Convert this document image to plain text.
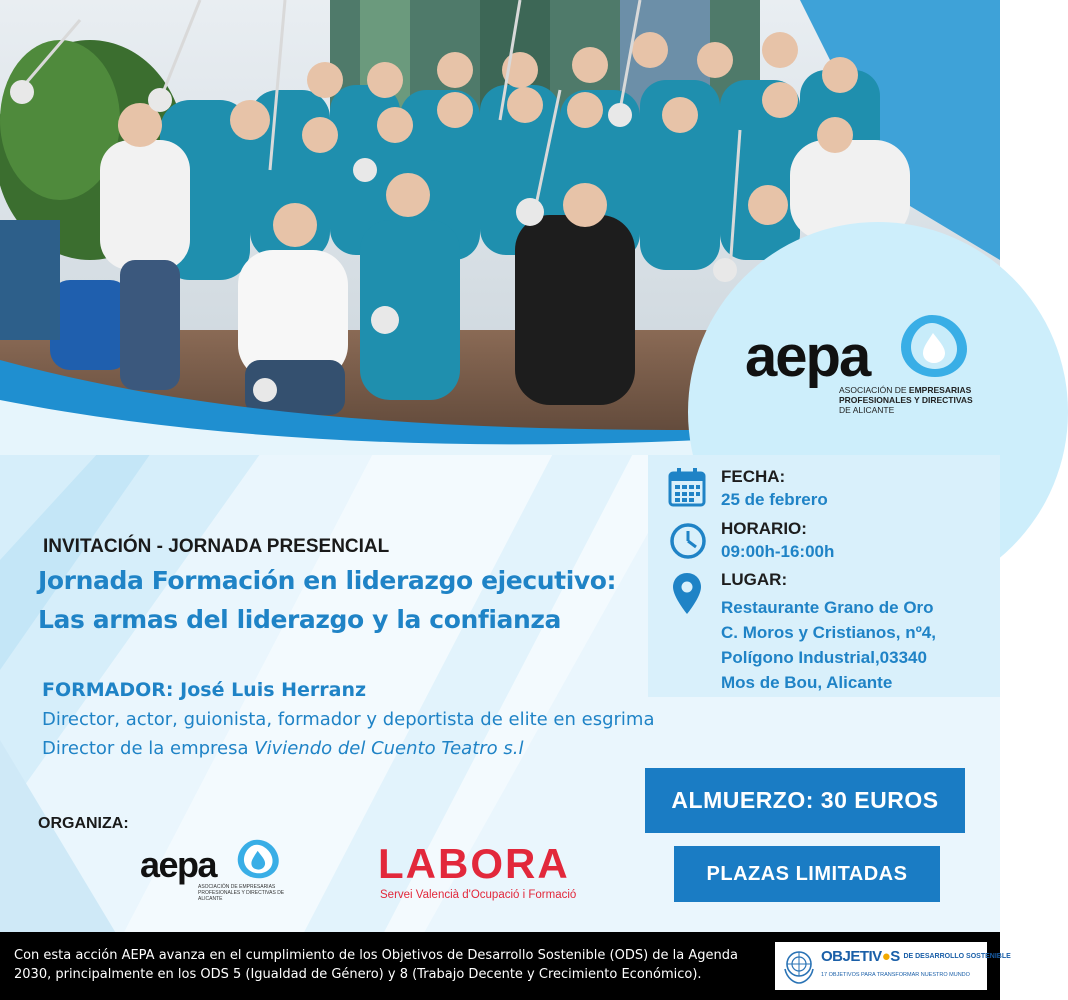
aepa
ASOCIACIÓN DE EMPRESARIAS
PROFESIONALES Y DIRECTIVAS
DE ALICANTE
FECHA:
25 de febrero
HORARIO:
09:00h-16:00h
LUGAR:
Restaurante Grano de Oro
C. Moros y Cristianos, nº4,
Polígono Industrial,03340
Mos de Bou, Alicante
INVITACIÓN - JORNADA PRESENCIAL
Jornada Formación en liderazgo ejecutivo:
Las armas del liderazgo y la confianza
FORMADOR: José Luis Herranz
Director, actor, guionista, formador y deportista de elite en esgrima
Director de la empresa Viviendo del Cuento Teatro s.l
ALMUERZO: 30 EUROS
PLAZAS LIMITADAS
ORGANIZA:
aepa
ASOCIACIÓN DE EMPRESARIAS PROFESIONALES Y DIRECTIVAS DE ALICANTE
LABORA
Servei Valencià d'Ocupació i Formació
Con esta acción AEPA avanza en el cumplimiento de los Objetivos de Desarrollo Sostenible (ODS) de la Agenda 2030, principalmente en los ODS 5 (Igualdad de Género) y 8 (Trabajo Decente y Crecimiento Económico).
OBJETIV●S $^{DE DESARROLLO SOSTENIBLE}$
17 OBJETIVOS PARA TRANSFORMAR NUESTRO MUNDO
